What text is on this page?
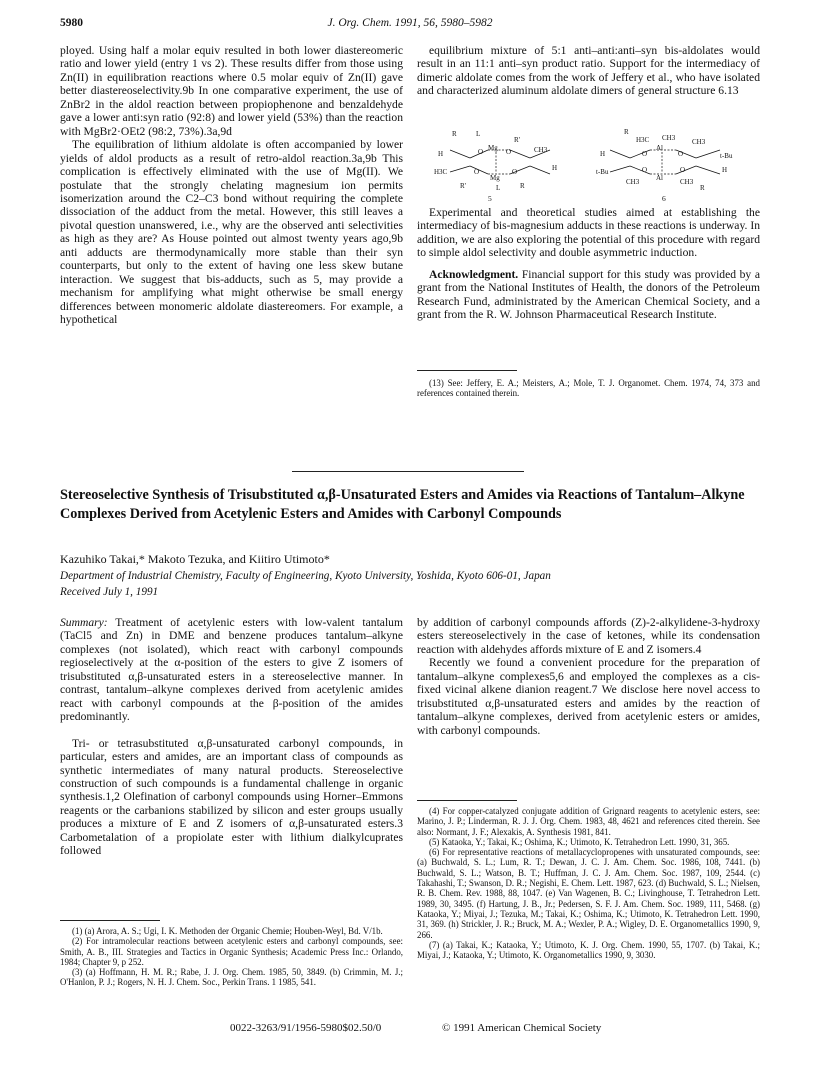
5980	J. Org. Chem. 1991, 56, 5980–5982

ployed. Using half a molar equiv resulted in both lower diastereomeric ratio and lower yield (entry 1 vs 2). These results differ from those using Zn(II) in equilibration reactions where 0.5 molar equiv of Zn(II) gave better diastereoselectivity.9b In one comparative experiment, the use of ZnBr2 in the aldol reaction between propiophenone and benzaldehyde gave a lower anti:syn ratio (92:8) and lower yield (53%) than the reaction with MgBr2·OEt2 (98:2, 73%).3a,9d

The equilibration of lithium aldolate is often accompanied by lower yields of aldol products as a result of retro-aldol reaction.3a,9b This complication is effectively eliminated with the use of Mg(II). We postulate that the strongly chelating magnesium ion permits isomerization around the C2–C3 bond without requiring the complete dissociation of the adduct from the metal. However, this still leaves a pivotal question unanswered, i.e., why are the observed anti selectivities as high as they are? As House pointed out almost twenty years ago,9b anti adducts are thermodynamically more stable than their syn counterparts, but only to the extent of having one less skew butane interaction. We suggest that bis-adducts, such as 5, may provide a mechanism for amplifying what might otherwise be small energy differences between monomeric aldolate diastereomers. For example, a hypothetical

equilibrium mixture of 5:1 anti–anti:anti–syn bis-aldolates would result in an 11:1 anti–syn product ratio. Support for the intermediacy of dimeric aldolate comes from the work of Jeffery et al., who have isolated and characterized aluminum aldolate dimers of general structure 6.13

R	L
R'
H	O Mg O	CH3
H3C	O
Mg
O	H
R'	L	R
5
R
H3C CH3 CH3
H	O
Al
O	t-Bu
t-Bu	O
Al
O	H
CH3	CH3
R
6

Experimental and theoretical studies aimed at establishing the intermediacy of bis-magnesium adducts in these reactions is underway. In addition, we are also exploring the potential of this procedure with regard to simple aldol selectivity and double asymmetric induction.

Acknowledgment. Financial support for this study was provided by a grant from the National Institutes of Health, the donors of the Petroleum Research Fund, administrated by the American Chemical Society, and a grant from the R. W. Johnson Pharmaceutical Research Institute.

(13) See: Jeffery, E. A.; Meisters, A.; Mole, T. J. Organomet. Chem. 1974, 74, 373 and references contained therein.

Stereoselective Synthesis of Trisubstituted α,β-Unsaturated Esters and Amides via Reactions of Tantalum–Alkyne Complexes Derived from Acetylenic Esters and Amides with Carbonyl Compounds
Kazuhiko Takai,* Makoto Tezuka, and Kiitiro Utimoto*
Department of Industrial Chemistry, Faculty of Engineering, Kyoto University, Yoshida, Kyoto 606-01, Japan
Received July 1, 1991

Summary: Treatment of acetylenic esters with low-valent tantalum (TaCl5 and Zn) in DME and benzene produces tantalum–alkyne complexes (not isolated), which react with carbonyl compounds regioselectively at the α-position of the esters to give Z isomers of trisubstituted α,β-unsaturated esters in a stereoselective manner. In contrast, tantalum–alkyne complexes derived from acetylenic amides react with carbonyl compounds at the β-position of the amides predominantly.

Tri- or tetrasubstituted α,β-unsaturated carbonyl compounds, in particular, esters and amides, are an important class of compounds as synthetic intermediates of many natural products. Stereoselective construction of such compounds is a fundamental challenge in organic synthesis.1,2 Olefination of carbonyl compounds using Horner–Emmons reagents or the carbanions stabilized by silicon and ester groups usually produces a mixture of E and Z isomers of α,β-unsaturated esters.3 Carbometalation of a propiolate ester with lithium dialkylcuprates followed

(1) (a) Arora, A. S.; Ugi, I. K. Methoden der Organic Chemie; Houben-Weyl, Bd. V/1b.

(2) For intramolecular reactions between acetylenic esters and carbonyl compounds, see: Smith, A. B., III. Strategies and Tactics in Organic Synthesis; Academic Press Inc.: Orlando, 1984; Chapter 9, p 252.

(3) (a) Hoffmann, H. M. R.; Rabe, J. J. Org. Chem. 1985, 50, 3849. (b) Crimmin, M. J.; O'Hanlon, P. J.; Rogers, N. H. J. Chem. Soc., Perkin Trans. 1 1985, 541.

by addition of carbonyl compounds affords (Z)-2-alkylidene-3-hydroxy esters stereoselectively in the case of ketones, while its condensation reaction with aldehydes affords mixture of E and Z isomers.4

Recently we found a convenient procedure for the preparation of tantalum–alkyne complexes5,6 and employed the complexes as a cis-fixed vicinal alkene dianion reagent.7 We disclose here novel access to trisubstituted α,β-unsaturated esters and amides by the reaction of tantalum–alkyne complexes, derived from acetylenic esters or amides, with carbonyl compounds.

(4) For copper-catalyzed conjugate addition of Grignard reagents to acetylenic esters, see: Marino, J. P.; Linderman, R. J. J. Org. Chem. 1983, 48, 4621 and references cited therein. See also: Normant, J. F.; Alexakis, A. Synthesis 1981, 841.

(5) Kataoka, Y.; Takai, K.; Oshima, K.; Utimoto, K. Tetrahedron Lett. 1990, 31, 365.

(6) For representative reactions of metallacyclopropenes with unsaturated compounds, see: (a) Buchwald, S. L.; Lum, R. T.; Dewan, J. C. J. Am. Chem. Soc. 1986, 108, 7441. (b) Buchwald, S. L.; Watson, B. T.; Huffman, J. C. J. Am. Chem. Soc. 1987, 109, 2544. (c) Takahashi, T.; Swanson, D. R.; Negishi, E. Chem. Lett. 1987, 623. (d) Buchwald, S. L.; Nielsen, R. B. Chem. Rev. 1988, 88, 1047. (e) Van Wagenen, B. C.; Livinghouse, T. Tetrahedron Lett. 1989, 30, 3495. (f) Hartung, J. B., Jr.; Pedersen, S. F. J. Am. Chem. Soc. 1989, 111, 5468. (g) Kataoka, Y.; Miyai, J.; Tezuka, M.; Takai, K.; Oshima, K.; Utimoto, K. Tetrahedron Lett. 1990, 31, 369. (h) Strickler, J. R.; Bruck, M. A.; Wexler, P. A.; Wigley, D. E. Organometallics 1990, 9, 266.

(7) (a) Takai, K.; Kataoka, Y.; Utimoto, K. J. Org. Chem. 1990, 55, 1707. (b) Takai, K.; Miyai, J.; Kataoka, Y.; Utimoto, K. Organometallics 1990, 9, 3030.

0022-3263/91/1956-5980$02.50/0	© 1991 American Chemical Society
